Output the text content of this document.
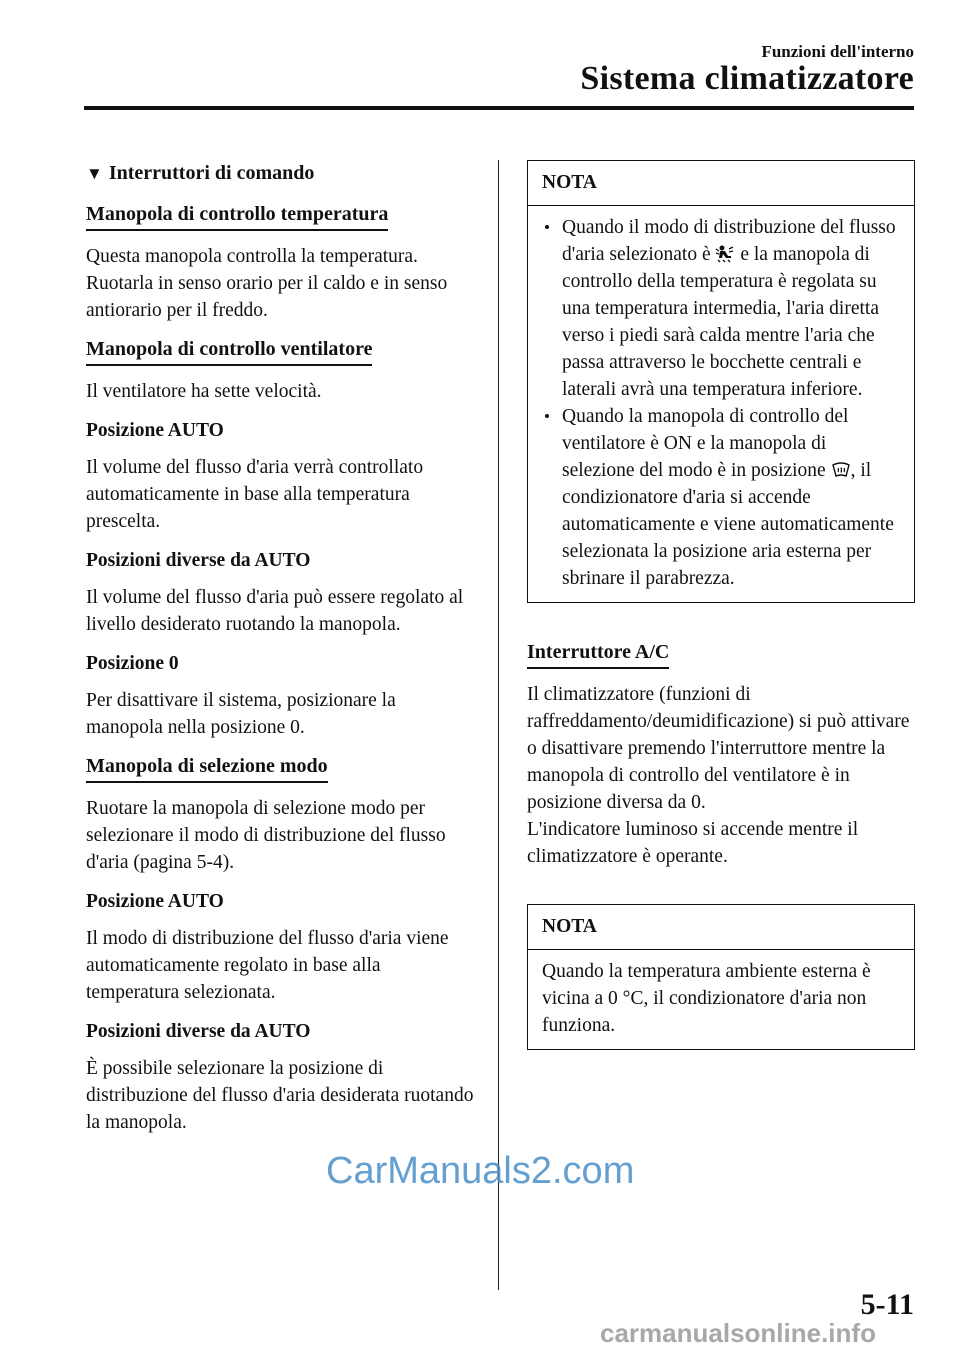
Funzioni dell'interno
Sistema climatizzatore
▼ Interruttori di comando
Manopola di controllo temperatura

Questa manopola controlla la temperatura. Ruotarla in senso orario per il caldo e in senso antiorario per il freddo.

Manopola di controllo ventilatore

Il ventilatore ha sette velocità.

Posizione AUTO

Il volume del flusso d'aria verrà controllato automaticamente in base alla temperatura prescelta.

Posizioni diverse da AUTO

Il volume del flusso d'aria può essere regolato al livello desiderato ruotando la manopola.

Posizione 0

Per disattivare il sistema, posizionare la manopola nella posizione 0.

Manopola di selezione modo

Ruotare la manopola di selezione modo per selezionare il modo di distribuzione del flusso d'aria (pagina 5-4).

Posizione AUTO

Il modo di distribuzione del flusso d'aria viene automaticamente regolato in base alla temperatura selezionata.

Posizioni diverse da AUTO

È possibile selezionare la posizione di distribuzione del flusso d'aria desiderata ruotando la manopola.

NOTA
Quando il modo di distribuzione del flusso d'aria selezionato è e la manopola di controllo della temperatura è regolata su una temperatura intermedia, l'aria diretta verso i piedi sarà calda mentre l'aria che passa attraverso le bocchette centrali e laterali avrà una temperatura inferiore.
Quando la manopola di controllo del ventilatore è ON e la manopola di selezione del modo è in posizione , il condizionatore d'aria si accende automaticamente e viene automaticamente selezionata la posizione aria esterna per sbrinare il parabrezza.
Interruttore A/C
Il climatizzatore (funzioni di raffreddamento/deumidificazione) si può attivare o disattivare premendo l'interruttore mentre la manopola di controllo del ventilatore è in posizione diversa da 0.

L'indicatore luminoso si accende mentre il climatizzatore è operante.

NOTA
Quando la temperatura ambiente esterna è vicina a 0 °C, il condizionatore d'aria non funziona.
CarManuals2.com
5-11
carmanualsonline.info
